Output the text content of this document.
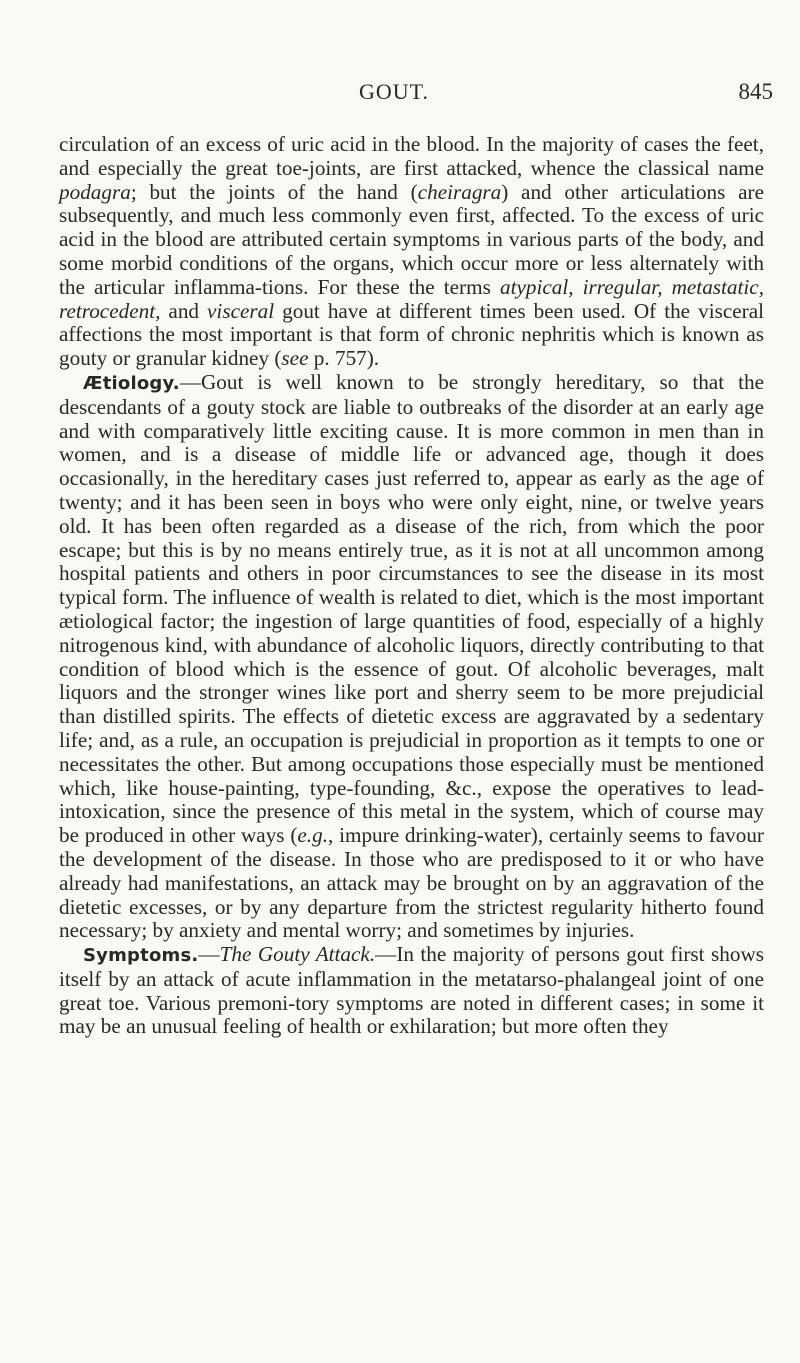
GOUT.	845

circulation of an excess of uric acid in the blood. In the majority of cases the feet, and especially the great toe-joints, are first attacked, whence the classical name podagra; but the joints of the hand (cheiragra) and other articulations are subsequently, and much less commonly even first, affected. To the excess of uric acid in the blood are attributed certain symptoms in various parts of the body, and some morbid conditions of the organs, which occur more or less alternately with the articular inflamma-tions. For these the terms atypical, irregular, metastatic, retrocedent, and visceral gout have at different times been used. Of the visceral affections the most important is that form of chronic nephritis which is known as gouty or granular kidney (see p. 757).

Ætiology.—Gout is well known to be strongly hereditary, so that the descendants of a gouty stock are liable to outbreaks of the disorder at an early age and with comparatively little exciting cause. It is more common in men than in women, and is a disease of middle life or advanced age, though it does occasionally, in the hereditary cases just referred to, appear as early as the age of twenty; and it has been seen in boys who were only eight, nine, or twelve years old. It has been often regarded as a disease of the rich, from which the poor escape; but this is by no means entirely true, as it is not at all uncommon among hospital patients and others in poor circumstances to see the disease in its most typical form. The influence of wealth is related to diet, which is the most important ætiological factor; the ingestion of large quantities of food, especially of a highly nitrogenous kind, with abundance of alcoholic liquors, directly contributing to that condition of blood which is the essence of gout. Of alcoholic beverages, malt liquors and the stronger wines like port and sherry seem to be more prejudicial than distilled spirits. The effects of dietetic excess are aggravated by a sedentary life; and, as a rule, an occupation is prejudicial in proportion as it tempts to one or necessitates the other. But among occupations those especially must be mentioned which, like house-painting, type-founding, &c., expose the operatives to lead-intoxication, since the presence of this metal in the system, which of course may be produced in other ways (e.g., impure drinking-water), certainly seems to favour the development of the disease. In those who are predisposed to it or who have already had manifestations, an attack may be brought on by an aggravation of the dietetic excesses, or by any departure from the strictest regularity hitherto found necessary; by anxiety and mental worry; and sometimes by injuries.

Symptoms.—The Gouty Attack.—In the majority of persons gout first shows itself by an attack of acute inflammation in the metatarso-phalangeal joint of one great toe. Various premoni-tory symptoms are noted in different cases; in some it may be an unusual feeling of health or exhilaration; but more often they
